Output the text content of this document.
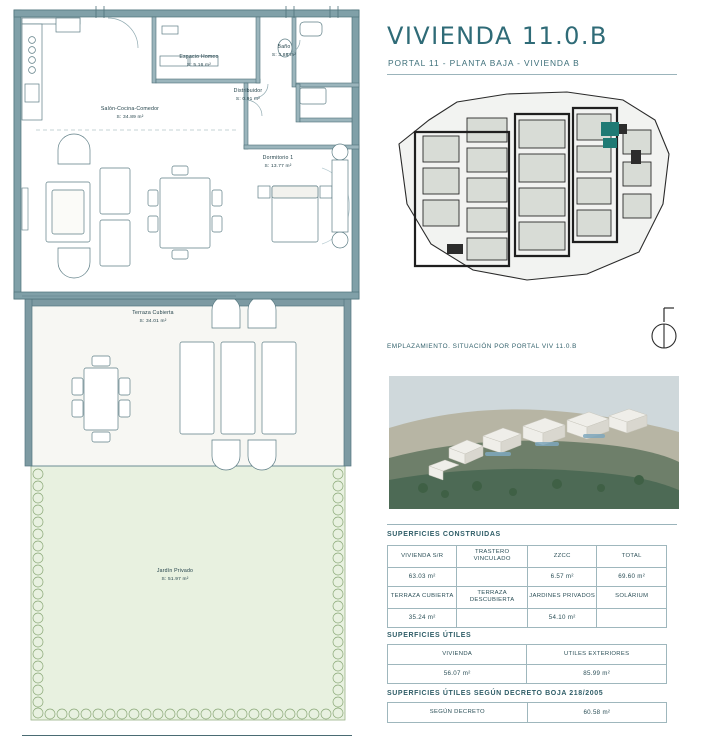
Espacio Homeo
S: 5.16 m²
Baño
S: 3.88 m²
Distribuidor
S: 0.91 m²
Salón-Cocina-Comedor
S: 34.89 m²
Dormitorio 1
S: 13.77 m²
Terraza Cubierta
S: 34.01 m²
Jardín Privado
S: 51.97 m²
VIVIENDA 11.0.B
PORTAL 11 - PLANTA BAJA - VIVIENDA B
EMPLAZAMIENTO. SITUACIÓN POR PORTAL VIV 11.0.B
SUPERFICIES CONSTRUIDAS
VIVIENDA S/R	TRASTERO VINCULADO	ZZCC	TOTAL
63.03 m²		6.57 m²	69.60 m²
TERRAZA CUBIERTA	TERRAZA DESCUBIERTA	JARDINES PRIVADOS	SOLÁRIUM
35.24 m²		54.10 m²	
SUPERFICIES ÚTILES
VIVIENDA	UTILES EXTERIORES
56.07 m²	85.99 m²
SUPERFICIES ÚTILES SEGÚN DECRETO BOJA 218/2005
SEGÚN DECRETO	60.58 m²
